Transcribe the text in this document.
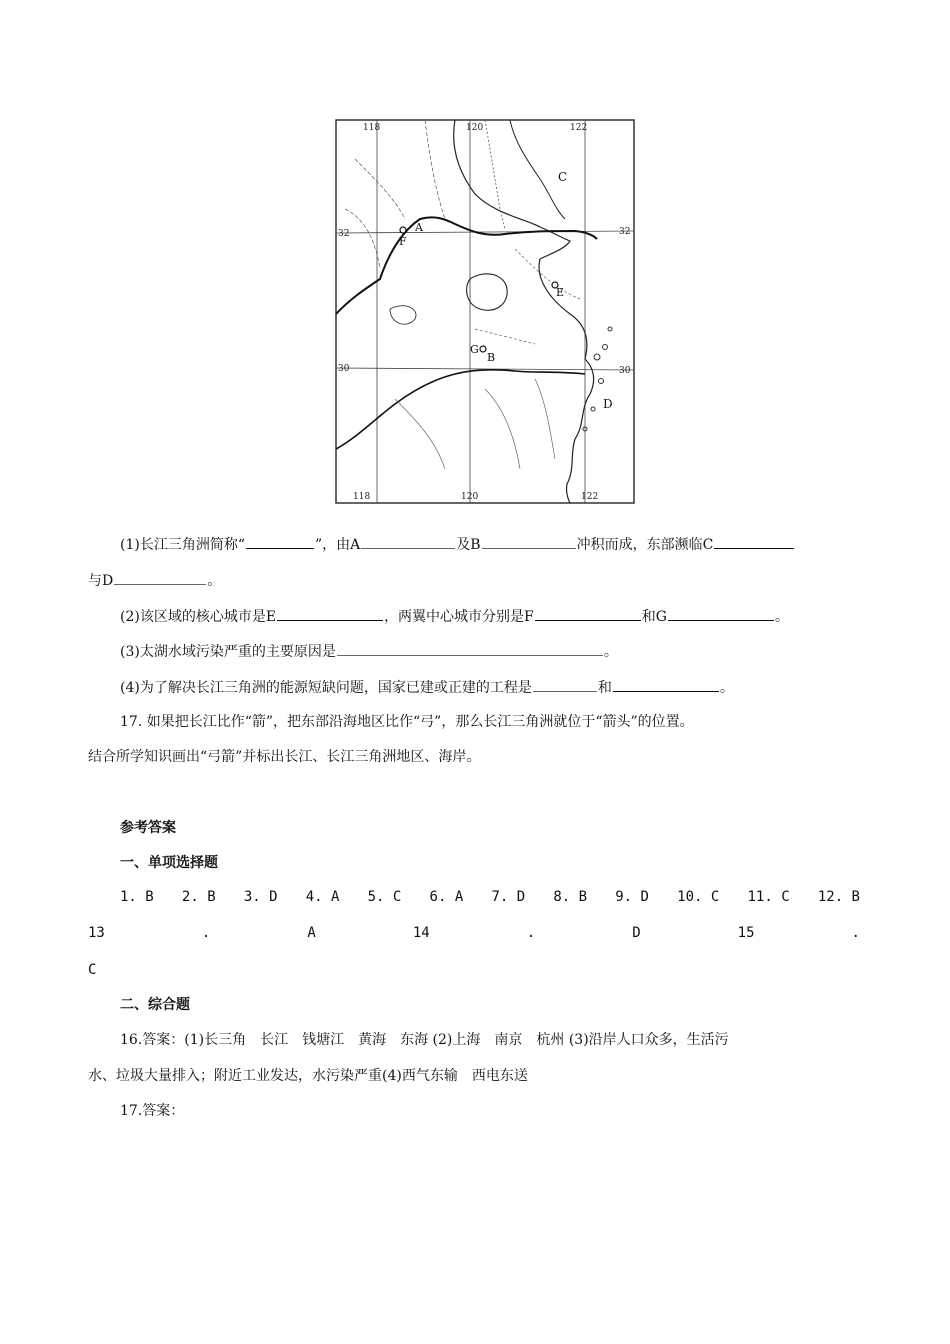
118	120	122
118	120	122
32	32
30	30
A
B
C
D
E
F
G
(1)长江三角洲简称“	”，由A	及B	冲积而成，东部濒临C
与D	。
(2)该区域的核心城市是E	，两翼中心城市分别是F	和G	。
(3)太湖水域污染严重的主要原因是	。
(4)为了解决长江三角洲的能源短缺问题，国家已建或正建的工程是	和	。
17. 如果把长江比作“箭”，把东部沿海地区比作“弓”，那么长江三角洲就位于“箭头”的位置。
结合所学知识画出“弓箭”并标出长江、长江三角洲地区、海岸。
参考答案
一、单项选择题
1. B 2. B 3. D 4. A 5. C 6. A 7. D 8. B 9. D 10. C 11. C 12. B
13	.	A	14	.	D	15	.
C
二、综合题
16.答案：(1)长三角　长江　钱塘江　黄海　东海 (2)上海　南京　杭州 (3)沿岸人口众多，生活污
水、垃圾大量排入；附近工业发达，水污染严重(4)西气东输　西电东送
17.答案：
